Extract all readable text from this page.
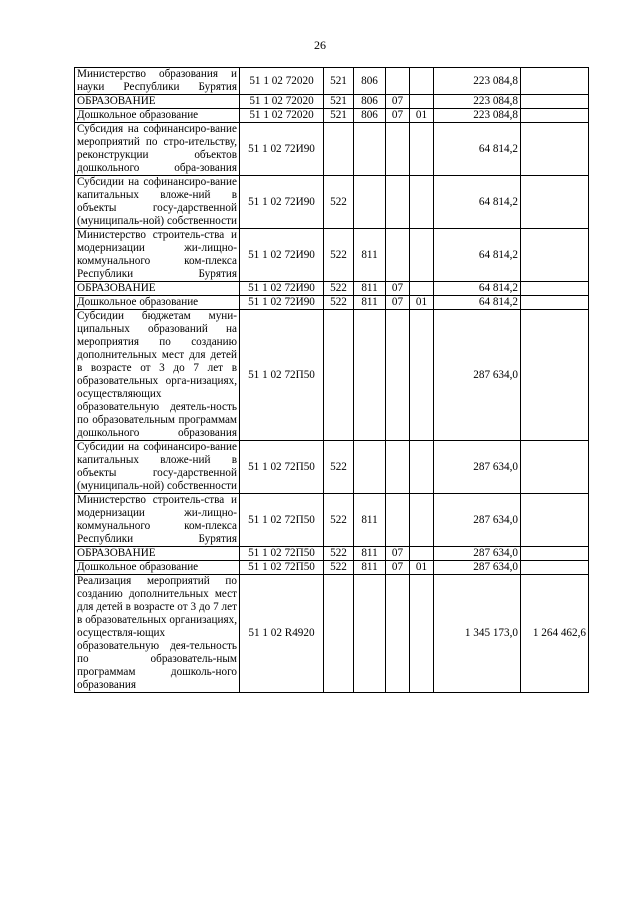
26
Министерство образования и науки Республики Бурятия	51 1 02 72020	521	806			223 084,8	
ОБРАЗОВАНИЕ	51 1 02 72020	521	806	07		223 084,8	
Дошкольное образование	51 1 02 72020	521	806	07	01	223 084,8	
Субсидия на софинансиро-вание мероприятий по стро-ительству, реконструкции объектов дошкольного обра-зования	51 1 02 72И90					64 814,2	
Субсидии на софинансиро-вание капитальных вложе-ний в объекты госу-дарственной (муниципаль-ной) собственности	51 1 02 72И90	522				64 814,2	
Министерство строитель-ства и модернизации жи-лищно-коммунального ком-плекса Республики Бурятия	51 1 02 72И90	522	811			64 814,2	
ОБРАЗОВАНИЕ	51 1 02 72И90	522	811	07		64 814,2	
Дошкольное образование	51 1 02 72И90	522	811	07	01	64 814,2	
Субсидии бюджетам муни-ципальных образований на мероприятия по созданию дополнительных мест для детей в возрасте от 3 до 7 лет в образовательных орга-низациях, осуществляющих образовательную деятель-ность по образовательным программам дошкольного образования	51 1 02 72П50					287 634,0	
Субсидии на софинансиро-вание капитальных вложе-ний в объекты госу-дарственной (муниципаль-ной) собственности	51 1 02 72П50	522				287 634,0	
Министерство строитель-ства и модернизации жи-лищно-коммунального ком-плекса Республики Бурятия	51 1 02 72П50	522	811			287 634,0	
ОБРАЗОВАНИЕ	51 1 02 72П50	522	811	07		287 634,0	
Дошкольное образование	51 1 02 72П50	522	811	07	01	287 634,0	
Реализация мероприятий по созданию дополнительных мест для детей в возрасте от 3 до 7 лет в образовательных организациях, осуществля-ющих образовательную дея-тельность по образователь-ным программам дошколь-ного образования	51 1 02 R4920					1 345 173,0	1 264 462,6
